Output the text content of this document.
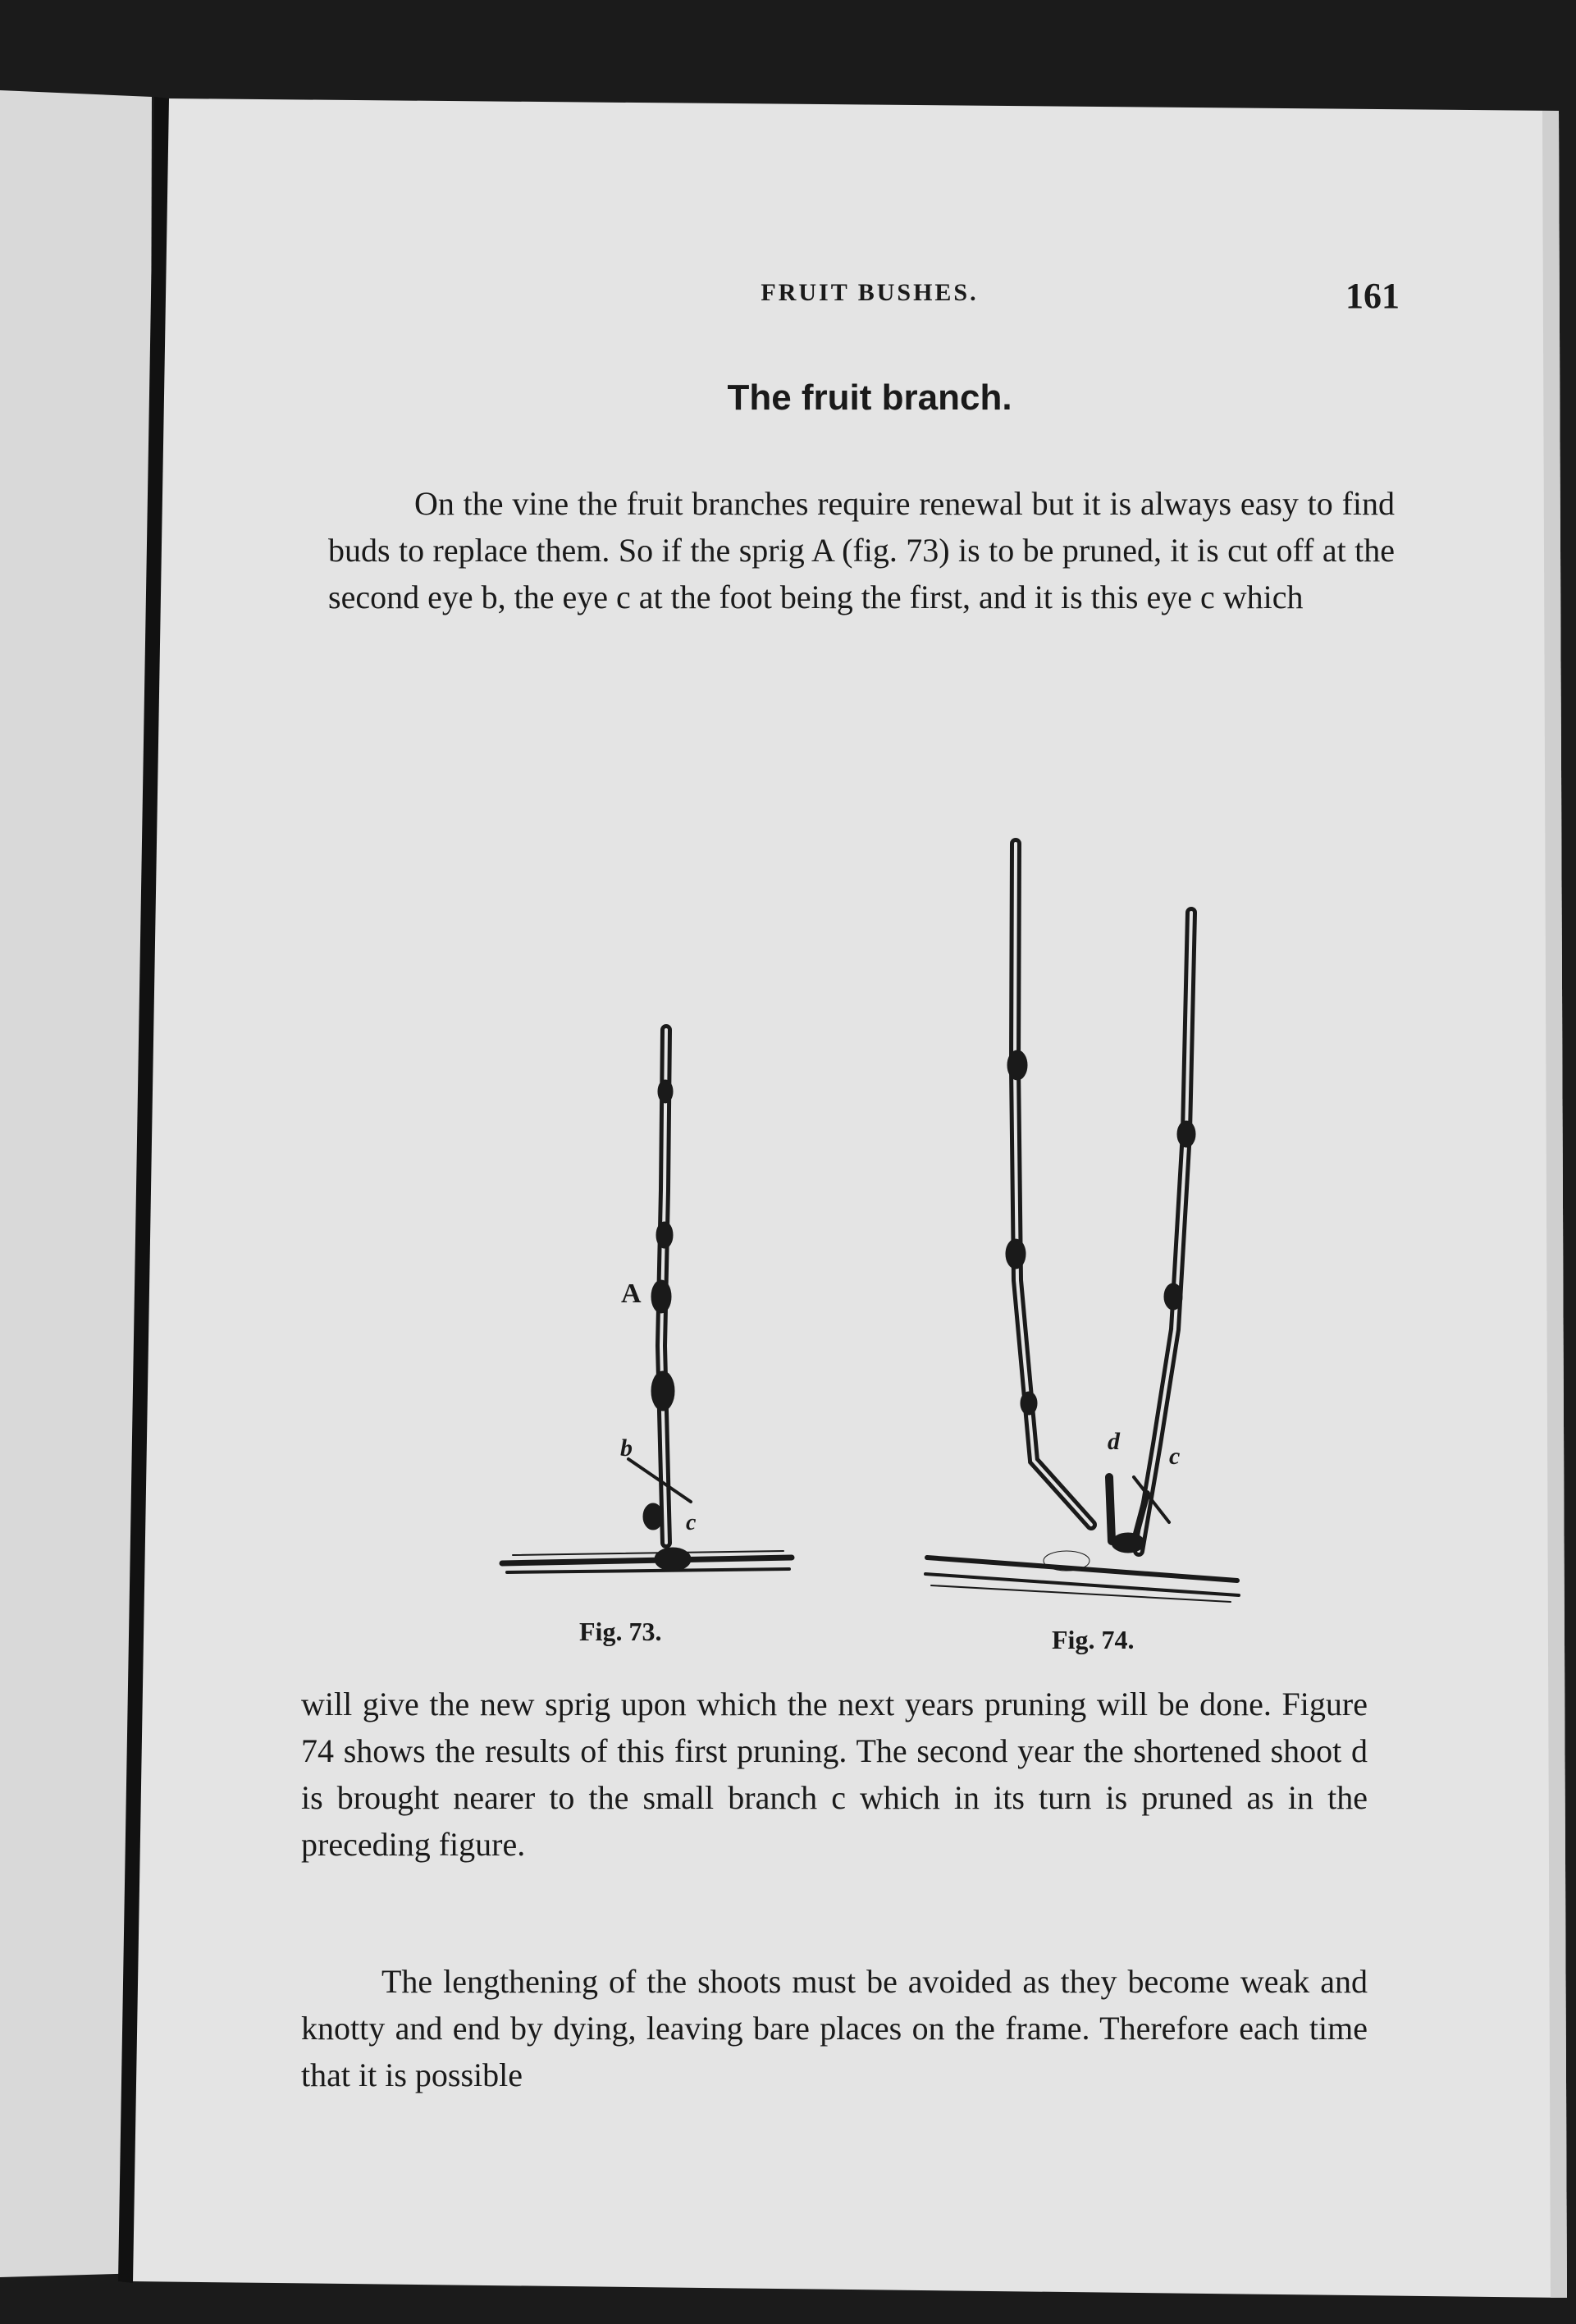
FRUIT BUSHES.	161
The fruit branch.
On the vine the fruit branches require renewal but it is always easy to find buds to replace them. So if the sprig A (fig. 73) is to be pruned, it is cut off at the second eye b, the eye c at the foot being the first, and it is this eye c which
A
b
c
d
c
Fig. 73.	Fig. 74.
will give the new sprig upon which the next years pruning will be done. Figure 74 shows the results of this first pruning. The second year the shortened shoot d is brought nearer to the small branch c which in its turn is pruned as in the preceding figure.
The lengthening of the shoots must be avoided as they become weak and knotty and end by dying, leaving bare places on the frame. Therefore each time that it is possible
